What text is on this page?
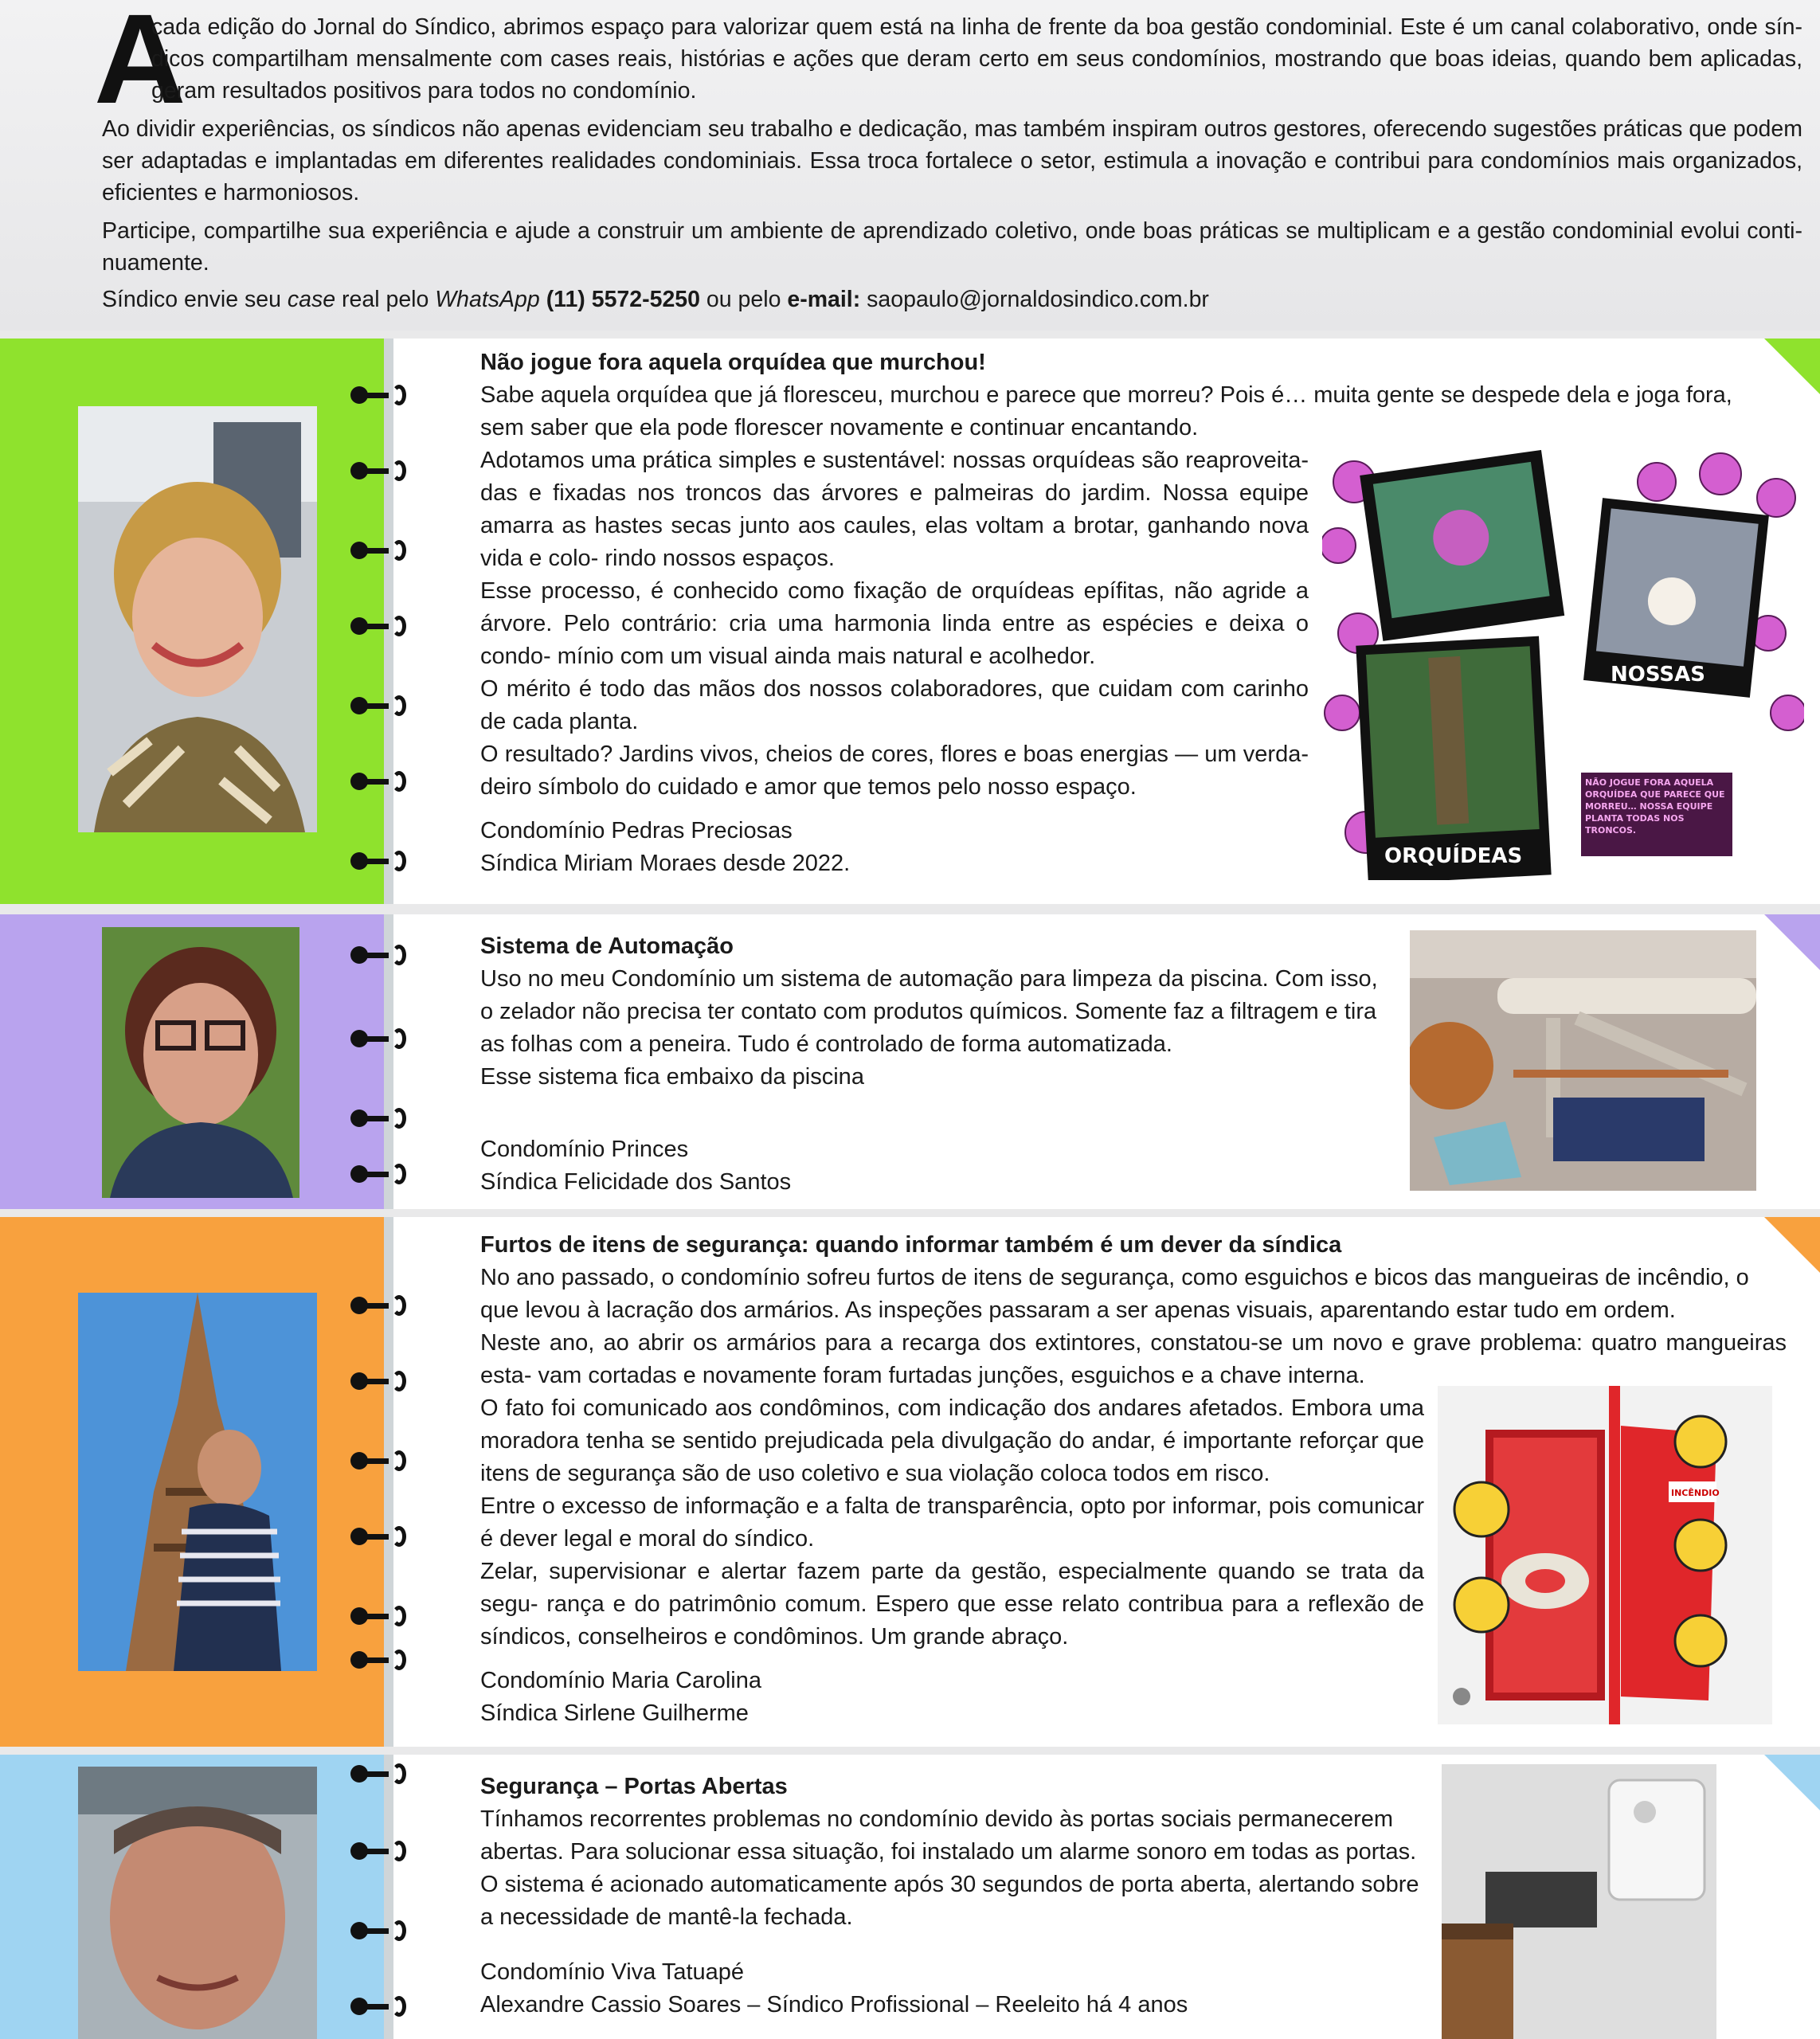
A

cada edição do Jornal do Síndico, abrimos espaço para valorizar quem está na linha de frente da boa gestão condominial. Este é um canal colaborativo, onde sín- dicos compartilham mensalmente com cases reais, histórias e ações que deram certo em seus condomínios, mostrando que boas ideias, quando bem aplicadas, geram resultados positivos para todos no condomínio.

Ao dividir experiências, os síndicos não apenas evidenciam seu trabalho e dedicação, mas também inspiram outros gestores, oferecendo sugestões práticas que podem ser adaptadas e implantadas em diferentes realidades condominiais. Essa troca fortalece o setor, estimula a inovação e contribui para condomínios mais organizados, eficientes e harmoniosos.

Participe, compartilhe sua experiência e ajude a construir um ambiente de aprendizado coletivo, onde boas práticas se multiplicam e a gestão condominial evolui conti- nuamente.

Síndico envie seu case real pelo WhatsApp (11) 5572-5250 ou pelo e-mail: saopaulo@jornaldosindico.com.br

Não jogue fora aquela orquídea que murchou!
Sabe aquela orquídea que já floresceu, murchou e parece que morreu? Pois é… muita gente se despede dela e joga fora, sem saber que ela pode florescer novamente e continuar encantando.
Adotamos uma prática simples e sustentável: nossas orquídeas são reaproveita- das e fixadas nos troncos das árvores e palmeiras do jardim. Nossa equipe amarra as hastes secas junto aos caules, elas voltam a brotar, ganhando nova vida e colo- rindo nossos espaços.
Esse processo, é conhecido como fixação de orquídeas epífitas, não agride a árvore. Pelo contrário: cria uma harmonia linda entre as espécies e deixa o condo- mínio com um visual ainda mais natural e acolhedor.
O mérito é todo das mãos dos nossos colaboradores, que cuidam com carinho de cada planta.
O resultado? Jardins vivos, cheios de cores, flores e boas energias — um verda- deiro símbolo do cuidado e amor que temos pelo nosso espaço.
Condomínio Pedras Preciosas
Síndica Miriam Moraes desde 2022.
NOSSAS
ORQUÍDEAS
NÃO JOGUE FORA AQUELA ORQUÍDEA QUE PARECE QUE MORREU… NOSSA EQUIPE PLANTA TODAS NOS TRONCOS.
Sistema de Automação
Uso no meu Condomínio um sistema de automação para limpeza da piscina. Com isso, o zelador não precisa ter contato com produtos químicos. Somente faz a filtragem e tira as folhas com a peneira. Tudo é controlado de forma automatizada.
Esse sistema fica embaixo da piscina
Condomínio Princes
Síndica Felicidade dos Santos
Furtos de itens de segurança: quando informar também é um dever da síndica
No ano passado, o condomínio sofreu furtos de itens de segurança, como esguichos e bicos das mangueiras de incêndio, o que levou à lacração dos armários. As inspeções passaram a ser apenas visuais, aparentando estar tudo em ordem.
Neste ano, ao abrir os armários para a recarga dos extintores, constatou-se um novo e grave problema: quatro mangueiras esta- vam cortadas e novamente foram furtadas junções, esguichos e a chave interna.
O fato foi comunicado aos condôminos, com indicação dos andares afetados. Embora uma moradora tenha se sentido prejudicada pela divulgação do andar, é importante reforçar que itens de segurança são de uso coletivo e sua violação coloca todos em risco.
Entre o excesso de informação e a falta de transparência, opto por informar, pois comunicar é dever legal e moral do síndico.
Zelar, supervisionar e alertar fazem parte da gestão, especialmente quando se trata da segu- rança e do patrimônio comum. Espero que esse relato contribua para a reflexão de síndicos, conselheiros e condôminos. Um grande abraço.
Condomínio Maria Carolina
Síndica Sirlene Guilherme
INCÊNDIO
Segurança – Portas Abertas
Tínhamos recorrentes problemas no condomínio devido às portas sociais permanecerem abertas. Para solucionar essa situação, foi instalado um alarme sonoro em todas as portas. O sistema é acionado automaticamente após 30 segundos de porta aberta, alertando sobre a necessidade de mantê-la fechada.
Condomínio Viva Tatuapé
Alexandre Cassio Soares – Síndico Profissional – Reeleito há 4 anos
